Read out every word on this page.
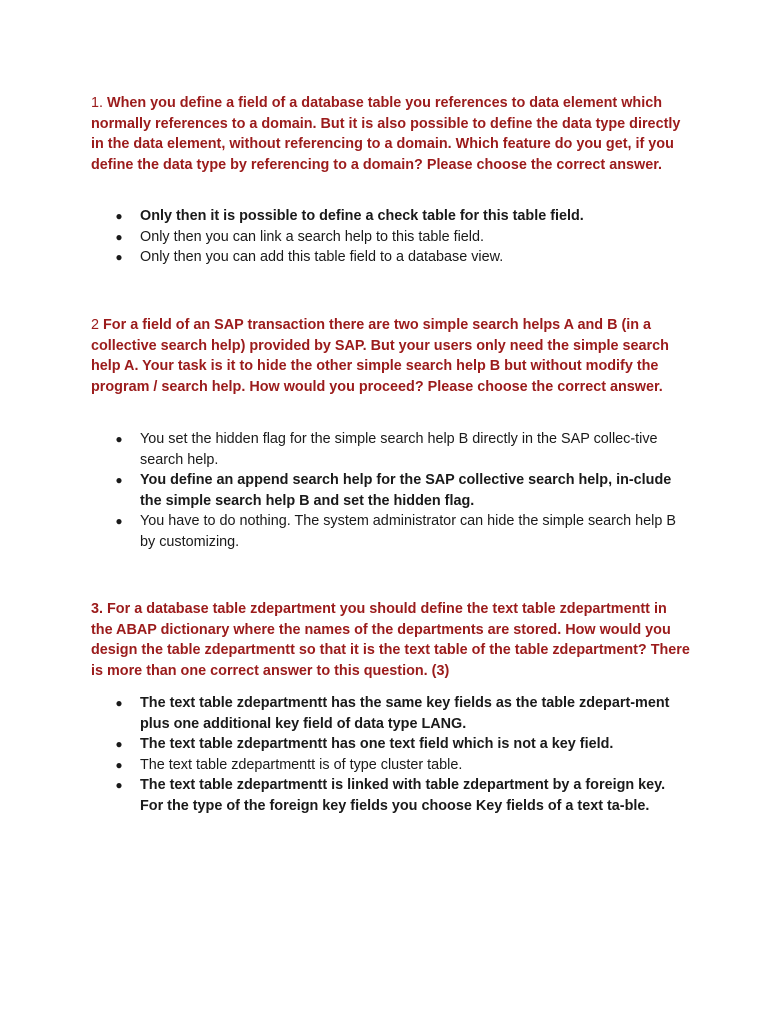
1. When you define a field of a database table you references to data element which normally references to a domain. But it is also possible to define the data type directly in the data element, without referencing to a domain. Which feature do you get, if you define the data type by referencing to a domain? Please choose the correct answer.

● Only then it is possible to define a check table for this table field.
● Only then you can link a search help to this table field.
● Only then you can add this table field to a database view.

2 For a field of an SAP transaction there are two simple search helps A and B (in a collective search help) provided by SAP. But your users only need the simple search help A. Your task is it to hide the other simple search help B but without modify the program / search help. How would you proceed? Please choose the correct answer.

● You set the hidden flag for the simple search help B directly in the SAP collec-tive search help.
● You define an append search help for the SAP collective search help, in-clude the simple search help B and set the hidden flag.
● You have to do nothing. The system administrator can hide the simple search help B by customizing.

3. For a database table zdepartment you should define the text table zdepartmentt in the ABAP dictionary where the names of the departments are stored. How would you design the table zdepartmentt so that it is the text table of the table zdepartment? There is more than one correct answer to this question. (3)

● The text table zdepartmentt has the same key fields as the table zdepart-ment plus one additional key field of data type LANG.
● The text table zdepartmentt has one text field which is not a key field.
● The text table zdepartmentt is of type cluster table.
● The text table zdepartmentt is linked with table zdepartment by a foreign key. For the type of the foreign key fields you choose Key fields of a text ta-ble.
